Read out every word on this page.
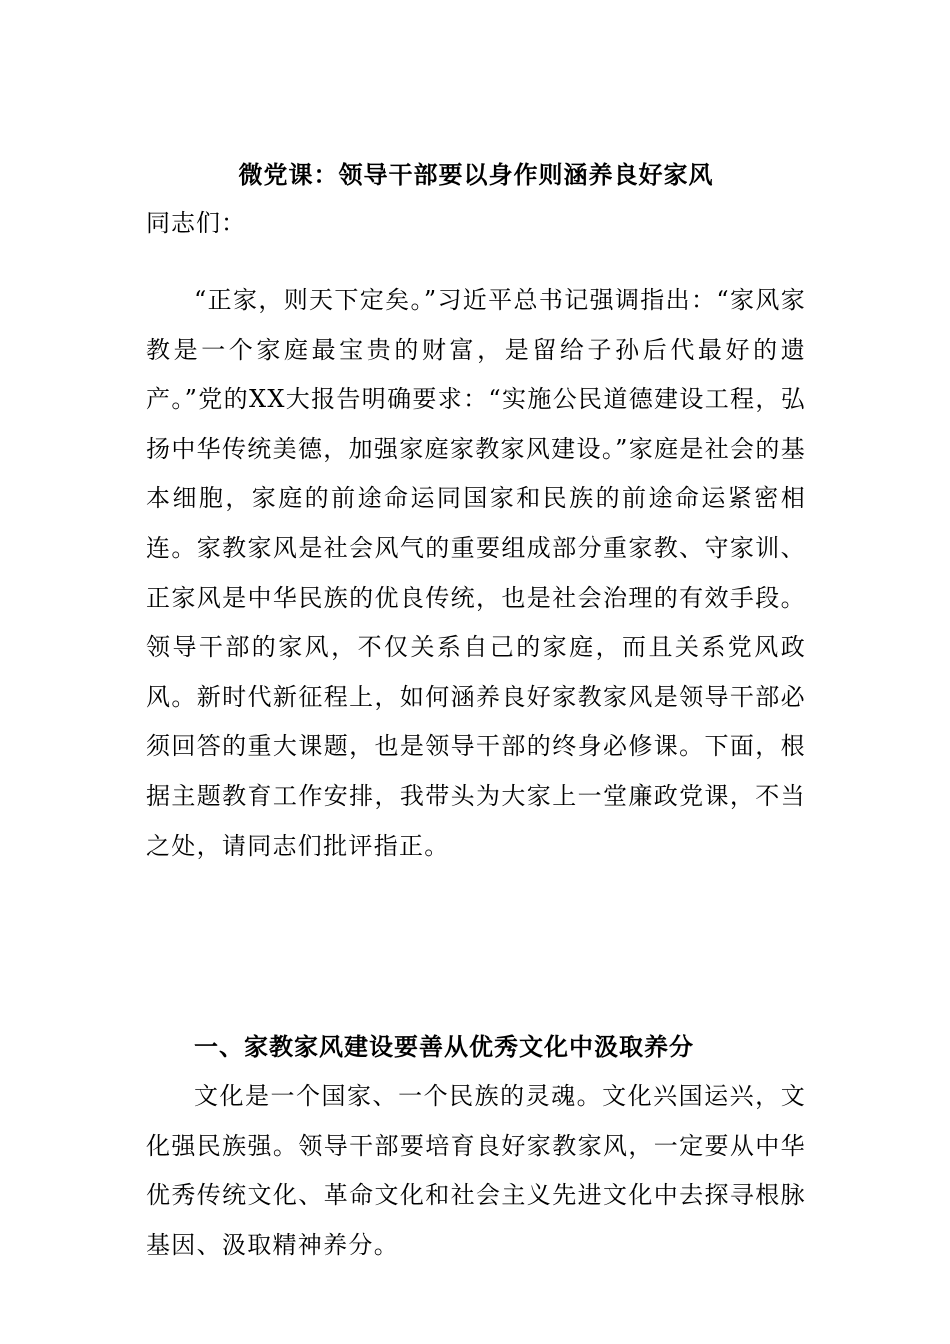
微党课：领导干部要以身作则涵养良好家风
同志们：

“正家，则天下定矣。”习近平总书记强调指出：“家风家教是一个家庭最宝贵的财富，是留给子孙后代最好的遗产。”党的XX大报告明确要求：“实施公民道德建设工程，弘扬中华传统美德，加强家庭家教家风建设。”家庭是社会的基本细胞，家庭的前途命运同国家和民族的前途命运紧密相连。家教家风是社会风气的重要组成部分重家教、守家训、正家风是中华民族的优良传统，也是社会治理的有效手段。领导干部的家风，不仅关系自己的家庭，而且关系党风政风。新时代新征程上，如何涵养良好家教家风是领导干部必须回答的重大课题，也是领导干部的终身必修课。下面，根据主题教育工作安排，我带头为大家上一堂廉政党课，不当之处，请同志们批评指正。

一、家教家风建设要善从优秀文化中汲取养分

文化是一个国家、一个民族的灵魂。文化兴国运兴，文化强民族强。领导干部要培育良好家教家风，一定要从中华优秀传统文化、革命文化和社会主义先进文化中去探寻根脉基因、汲取精神养分。
